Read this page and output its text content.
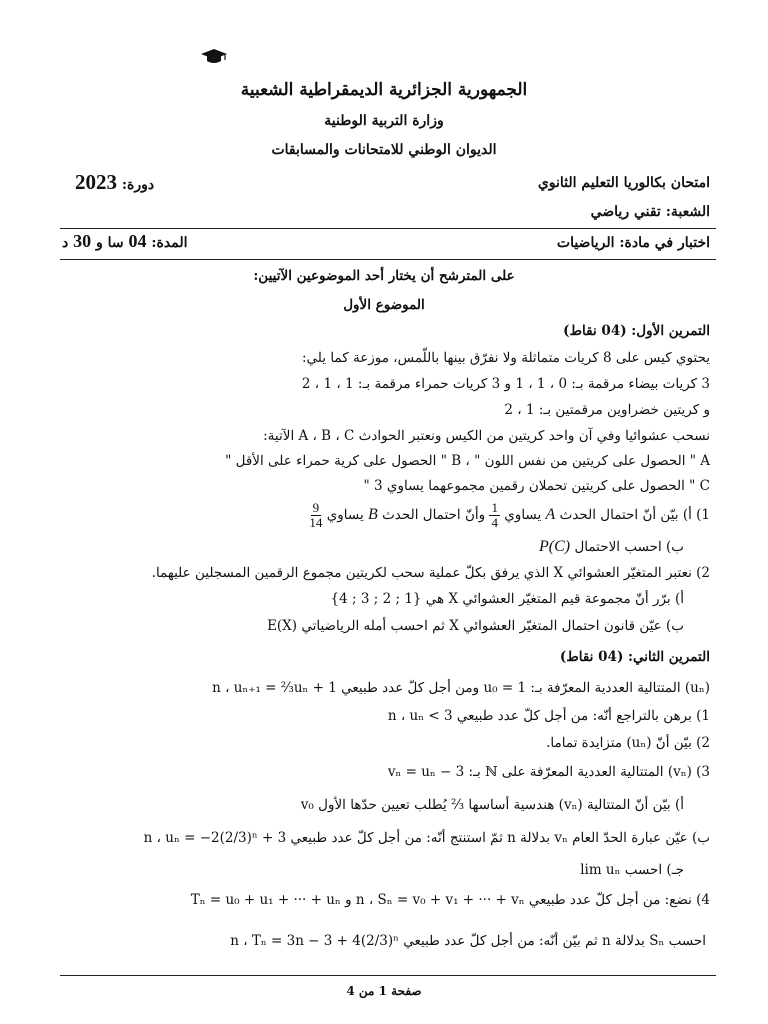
الجمهورية الجزائرية الديمقراطية الشعبية
وزارة التربية الوطنية
الديوان الوطني للامتحانات والمسابقات
امتحان بكالوريا التعليم الثانوي
دورة: 2023
الشعبة: تقني رياضي
اختبار في مادة: الرياضيات
المدة: 04 سا و 30 د
على المترشح أن يختار أحد الموضوعين الآتيين:
الموضوع الأول
التمرين الأول: (04 نقاط)
يحتوي كيس على 8 كريات متماثلة ولا نفرّق بينها باللّمس، موزعة كما يلي:
3 كريات بيضاء مرقمة بـ: 0 ، 1 ، 1 و 3 كريات حمراء مرقمة بـ: 1 ، 1 ، 2
و كريتين خضراوين مرقمتين بـ: 1 ، 2
نسحب عشوائيا وفي آن واحد كريتين من الكيس ونعتبر الحوادث A ، B ، C الآتية:
A " الحصول على كريتين من نفس اللون " ، B " الحصول على كرية حمراء على الأقل "
C " الحصول على كريتين تحملان رقمين مجموعهما يساوي 3 "
1) أ) بيّن أنّ احتمال الحدث A يساوي
$\frac{1}{4}$
وأنّ احتمال الحدث B يساوي
$\frac{9}{14}$
ب) احسب الاحتمال P(C)
2) نعتبر المتغيّر العشوائي X الذي يرفق بكلّ عملية سحب لكريتين مجموع الرقمين المسجلين عليهما.
أ) برّر أنّ مجموعة قيم المتغيّر العشوائي X هي {1 ; 2 ; 3 ; 4}
ب) عيّن قانون احتمال المتغيّر العشوائي X ثم احسب أمله الرياضياتي E(X)
التمرين الثاني: (04 نقاط)
(uₙ) المتتالية العددية المعرّفة بـ: u₀ = 1 ومن أجل كلّ عدد طبيعي n ، uₙ₊₁ = ⅔uₙ + 1
1) برهن بالتراجع أنّه: من أجل كلّ عدد طبيعي n ، uₙ < 3
2) بيّن أنّ (uₙ) متزايدة تماما.
3) (vₙ) المتتالية العددية المعرّفة على ℕ بـ: vₙ = uₙ − 3
أ) بيّن أنّ المتتالية (vₙ) هندسية أساسها ⅔ يُطلب تعيين حدّها الأول v₀
ب) عيّن عبارة الحدّ العام vₙ بدلالة n ثمّ استنتج أنّه: من أجل كلّ عدد طبيعي n ، uₙ = −2(2/3)ⁿ + 3
جـ) احسب lim uₙ
4) نضع: من أجل كلّ عدد طبيعي n ، Sₙ = v₀ + v₁ + ··· + vₙ و Tₙ = u₀ + u₁ + ··· + uₙ
احسب Sₙ بدلالة n ثم بيّن أنّه: من أجل كلّ عدد طبيعي n ، Tₙ = 3n − 3 + 4(2/3)ⁿ
صفحة 1 من 4
